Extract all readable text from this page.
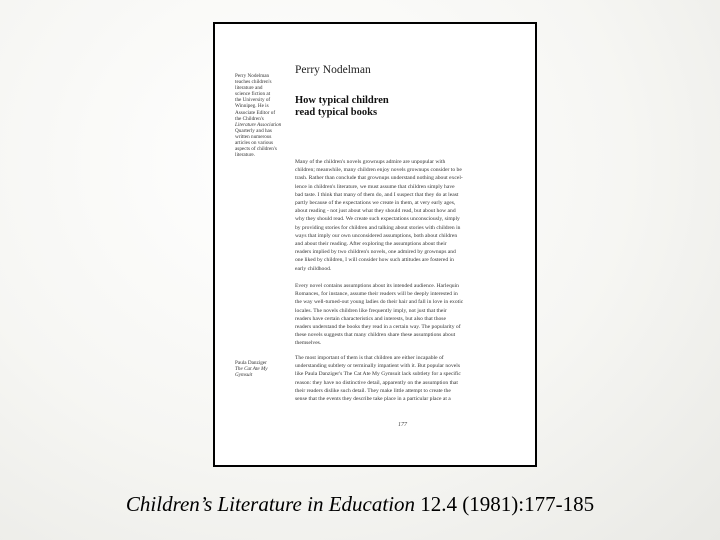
Perry Nodelman
How typical children
read typical books
Perry Nodelman
teaches children's
literature and
science fiction at
the University of
Winnipeg. He is
Associate Editor of
the Children's
Literature Association
Quarterly and has
written numerous
articles on various
aspects of children's
literature.
Paula Danziger
The Cat Ate My
Gymsuit
Many of the children's novels grownups admire are unpopular with
children; meanwhile, many children enjoy novels grownups consider to be
trash. Rather than conclude that grownups understand nothing about excel-
lence in children's literature, we must assume that children simply have
bad taste. I think that many of them do, and I suspect that they do at least
partly because of the expectations we create in them, at very early ages,
about reading - not just about what they should read, but about how and
why they should read. We create such expectations unconsciously, simply
by providing stories for children and talking about stories with children in
ways that imply our own unconsidered assumptions, both about children
and about their reading. After exploring the assumptions about their
readers implied by two children's novels, one admired by grownups and
one liked by children, I will consider how such attitudes are fostered in
early childhood.
Every novel contains assumptions about its intended audience. Harlequin
Romances, for instance, assume their readers will be deeply interested in
the way well-turned-out young ladies do their hair and fall in love in exotic
locales. The novels children like frequently imply, not just that their
readers have certain characteristics and interests, but also that those
readers understand the books they read in a certain way. The popularity of
these novels suggests that many children share these assumptions about
themselves.
The most important of them is that children are either incapable of
understanding subtlety or terminally impatient with it. But popular novels
like Paula Danziger's The Cat Ate My Gymsuit lack subtlety for a specific
reason: they have no distinctive detail, apparently on the assumption that
their readers dislike such detail. They make little attempt to create the
sense that the events they describe take place in a particular place at a
177
Children’s Literature in Education 12.4 (1981):177-185
